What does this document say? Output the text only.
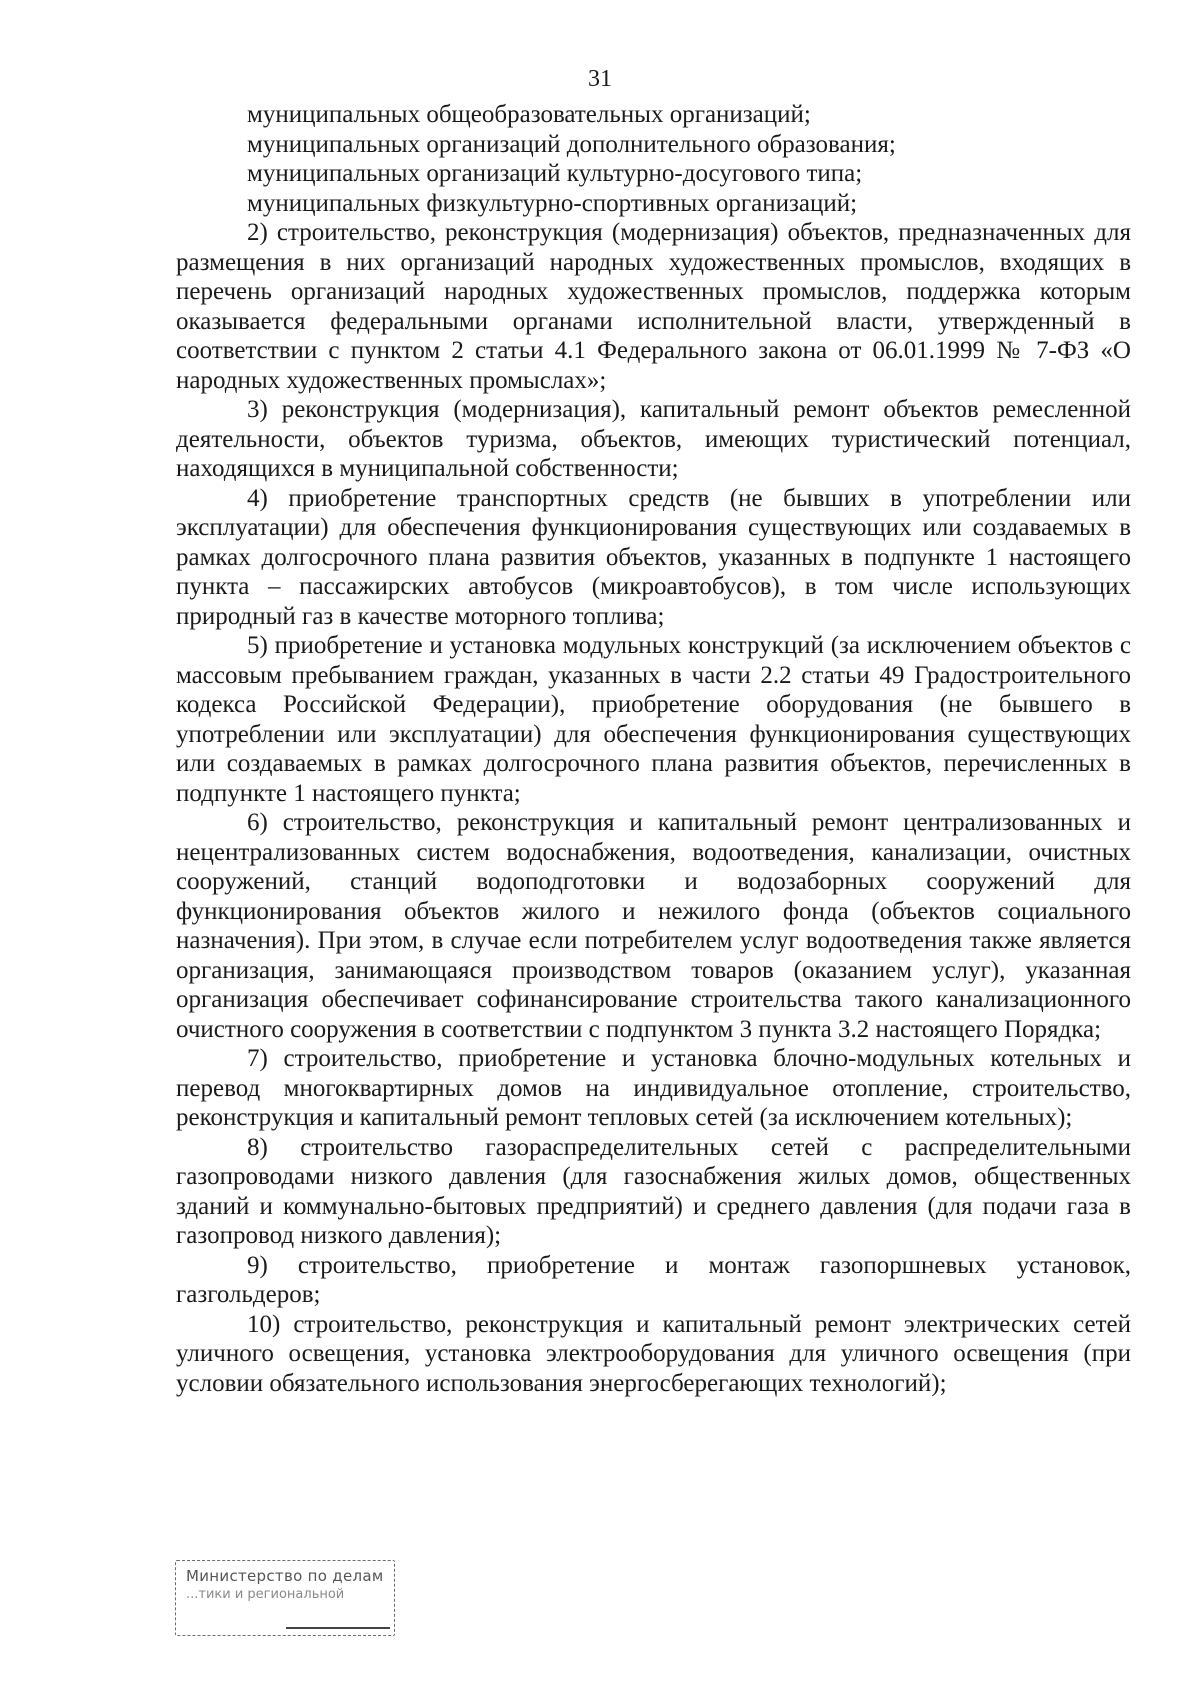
31

муниципальных общеобразовательных организаций;

муниципальных организаций дополнительного образования;

муниципальных организаций культурно-досугового типа;

муниципальных физкультурно-спортивных организаций;

2) строительство, реконструкция (модернизация) объектов, предназначенных для размещения в них организаций народных художественных промыслов, входящих в перечень организаций народных художественных промыслов, поддержка которым оказывается федеральными органами исполнительной власти, утвержденный в соответствии с пунктом 2 статьи 4.1 Федерального закона от 06.01.1999 № 7-ФЗ «О народных художественных промыслах»;

3) реконструкция (модернизация), капитальный ремонт объектов ремесленной деятельности, объектов туризма, объектов, имеющих туристический потенциал, находящихся в муниципальной собственности;

4) приобретение транспортных средств (не бывших в употреблении или эксплуатации) для обеспечения функционирования существующих или создаваемых в рамках долгосрочного плана развития объектов, указанных в подпункте 1 настоящего пункта – пассажирских автобусов (микроавтобусов), в том числе использующих природный газ в качестве моторного топлива;

5) приобретение и установка модульных конструкций (за исключением объектов с массовым пребыванием граждан, указанных в части 2.2 статьи 49 Градостроительного кодекса Российской Федерации), приобретение оборудования (не бывшего в употреблении или эксплуатации) для обеспечения функционирования существующих или создаваемых в рамках долгосрочного плана развития объектов, перечисленных в подпункте 1 настоящего пункта;

6) строительство, реконструкция и капитальный ремонт централизованных и нецентрализованных систем водоснабжения, водоотведения, канализации, очистных сооружений, станций водоподготовки и водозаборных сооружений для функционирования объектов жилого и нежилого фонда (объектов социального назначения). При этом, в случае если потребителем услуг водоотведения также является организация, занимающаяся производством товаров (оказанием услуг), указанная организация обеспечивает софинансирование строительства такого канализационного очистного сооружения в соответствии с подпунктом 3 пункта 3.2 настоящего Порядка;

7) строительство, приобретение и установка блочно-модульных котельных и перевод многоквартирных домов на индивидуальное отопление, строительство, реконструкция и капитальный ремонт тепловых сетей (за исключением котельных);

8) строительство газораспределительных сетей с распределительными газопроводами низкого давления (для газоснабжения жилых домов, общественных зданий и коммунально-бытовых предприятий) и среднего давления (для подачи газа в газопровод низкого давления);

9) строительство, приобретение и монтаж газопоршневых установок, газгольдеров;

10) строительство, реконструкция и капитальный ремонт электрических сетей уличного освещения, установка электрооборудования для уличного освещения (при условии обязательного использования энергосберегающих технологий);

Министерство по делам
...тики и региональной
